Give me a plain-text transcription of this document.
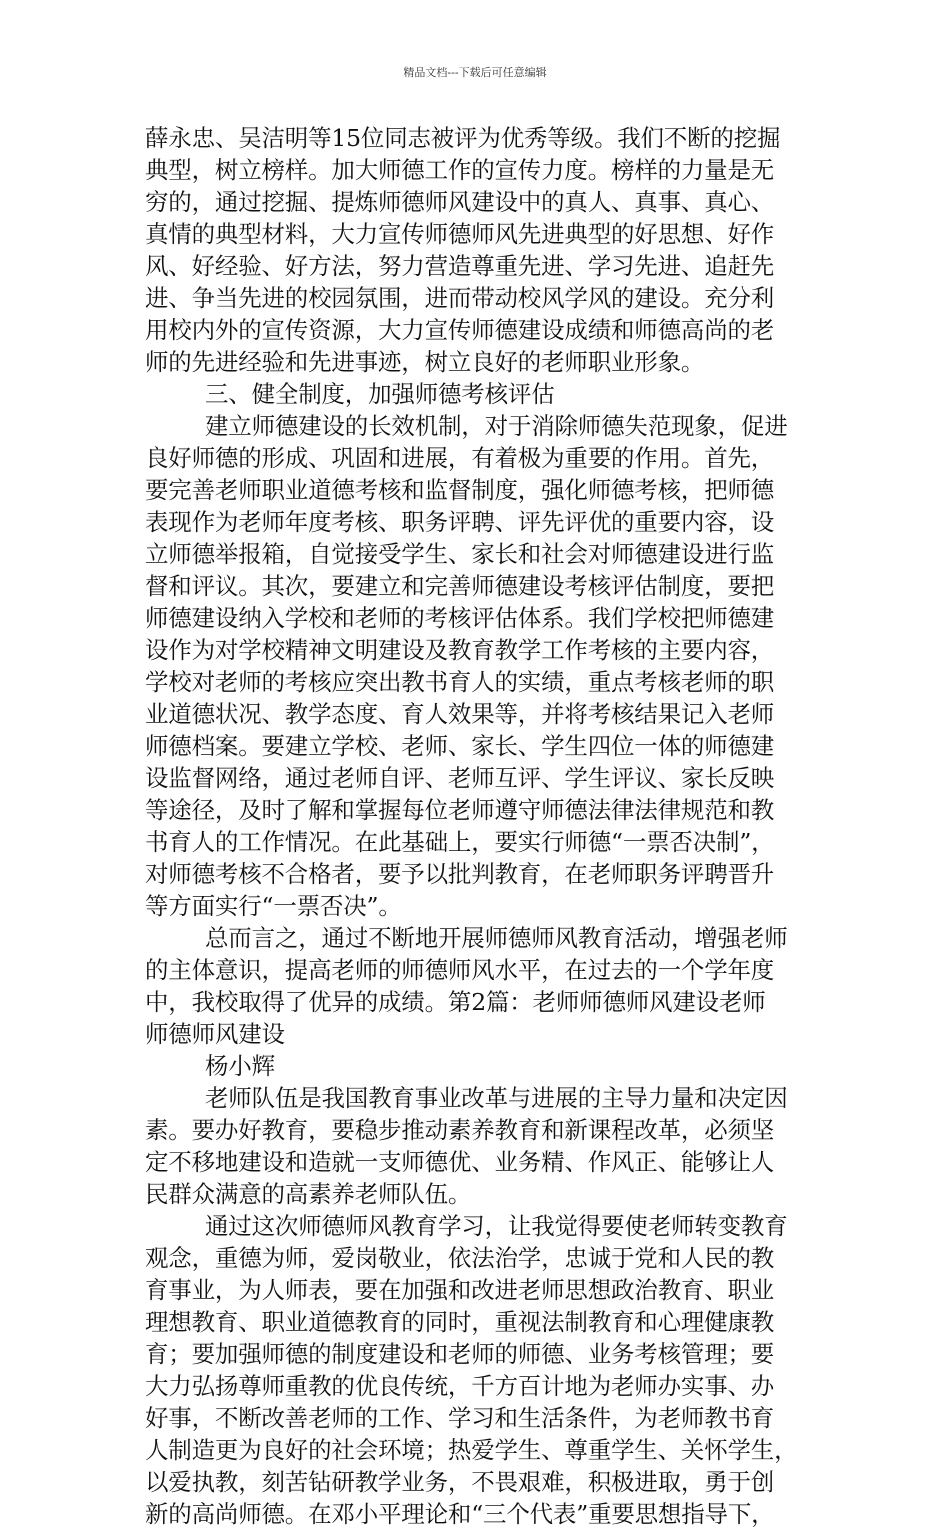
精品文档---下载后可任意编辑
薛永忠、吴洁明等15位同志被评为优秀等级。我们不断的挖掘
典型，树立榜样。加大师德工作的宣传力度。榜样的力量是无
穷的，通过挖掘、提炼师德师风建设中的真人、真事、真心、
真情的典型材料，大力宣传师德师风先进典型的好思想、好作
风、好经验、好方法，努力营造尊重先进、学习先进、追赶先
进、争当先进的校园氛围，进而带动校风学风的建设。充分利
用校内外的宣传资源，大力宣传师德建设成绩和师德高尚的老
师的先进经验和先进事迹，树立良好的老师职业形象。
三、健全制度，加强师德考核评估
建立师德建设的长效机制，对于消除师德失范现象，促进
良好师德的形成、巩固和进展，有着极为重要的作用。首先，
要完善老师职业道德考核和监督制度，强化师德考核，把师德
表现作为老师年度考核、职务评聘、评先评优的重要内容，设
立师德举报箱，自觉接受学生、家长和社会对师德建设进行监
督和评议。其次，要建立和完善师德建设考核评估制度，要把
师德建设纳入学校和老师的考核评估体系。我们学校把师德建
设作为对学校精神文明建设及教育教学工作考核的主要内容，
学校对老师的考核应突出教书育人的实绩，重点考核老师的职
业道德状况、教学态度、育人效果等，并将考核结果记入老师
师德档案。要建立学校、老师、家长、学生四位一体的师德建
设监督网络，通过老师自评、老师互评、学生评议、家长反映
等途径，及时了解和掌握每位老师遵守师德法律法律规范和教
书育人的工作情况。在此基础上，要实行师德“一票否决制”，
对师德考核不合格者，要予以批判教育，在老师职务评聘晋升
等方面实行“一票否决”。
总而言之，通过不断地开展师德师风教育活动，增强老师
的主体意识，提高老师的师德师风水平，在过去的一个学年度
中，我校取得了优异的成绩。第2篇：老师师德师风建设老师
师德师风建设
杨小辉
老师队伍是我国教育事业改革与进展的主导力量和决定因
素。要办好教育，要稳步推动素养教育和新课程改革，必须坚
定不移地建设和造就一支师德优、业务精、作风正、能够让人
民群众满意的高素养老师队伍。
通过这次师德师风教育学习，让我觉得要使老师转变教育
观念，重德为师，爱岗敬业，依法治学，忠诚于党和人民的教
育事业，为人师表，要在加强和改进老师思想政治教育、职业
理想教育、职业道德教育的同时，重视法制教育和心理健康教
育；要加强师德的制度建设和老师的师德、业务考核管理；要
大力弘扬尊师重教的优良传统，千方百计地为老师办实事、办
好事，不断改善老师的工作、学习和生活条件，为老师教书育
人制造更为良好的社会环境；热爱学生、尊重学生、关怀学生，
以爱执教，刻苦钻研教学业务，不畏艰难，积极进取，勇于创
新的高尚师德。在邓小平理论和“三个代表”重要思想指导下，
